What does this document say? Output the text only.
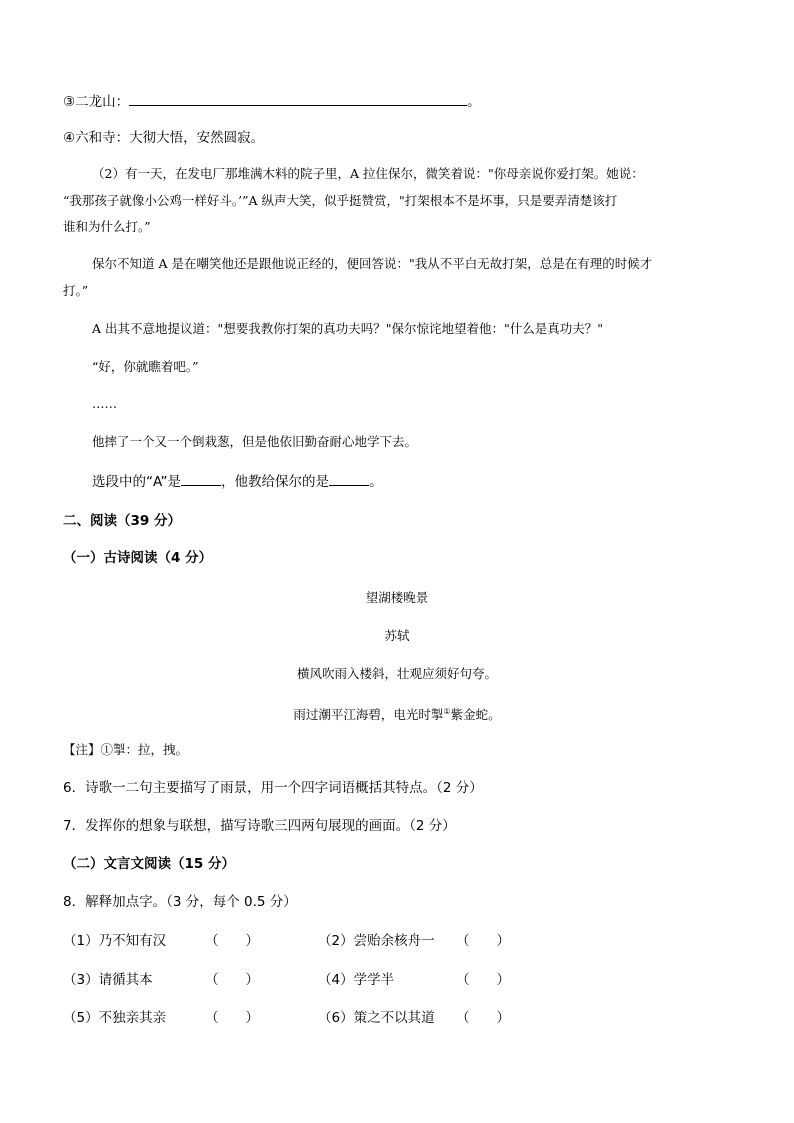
③二龙山：	。
④六和寺：大彻大悟，安然圆寂。
（2）有一天，在发电厂那堆满木料的院子里，A 拉住保尔，微笑着说："你母亲说你爱打架。她说：
“我那孩子就像小公鸡一样好斗。’”A 纵声大笑，似乎挺赞赏，"打架根本不是坏事，只是要弄清楚该打
谁和为什么打。”
保尔不知道 A 是在嘲笑他还是跟他说正经的，便回答说："我从不平白无故打架，总是在有理的时候才
打。”
A 出其不意地提议道："想要我教你打架的真功夫吗？"保尔惊诧地望着他："什么是真功夫？"
“好，你就瞧着吧。”
……
他摔了一个又一个倒栽葱，但是他依旧勤奋耐心地学下去。
选段中的“A”是	，他教给保尔的是	。
二、阅读（39 分）
（一）古诗阅读（4 分）
望湖楼晚景
苏轼
横风吹雨入楼斜，壮观应须好句夸。
雨过潮平江海碧，电光时掣①紫金蛇。
【注】①掣：拉，拽。
6．诗歌一二句主要描写了雨景，用一个四字词语概括其特点。（2 分）
7．发挥你的想象与联想，描写诗歌三四两句展现的画面。（2 分）
（二）文言文阅读（15 分）
8．解释加点字。（3 分，每个 0.5 分）
（1）乃不知有汉	（　　）	（2）尝贻余核舟一 （　　）
（3）请循其本	（　　）	（4）学学半	（　　）
（5）不独亲其亲	（　　）	（6）策之不以其道 （　　）
